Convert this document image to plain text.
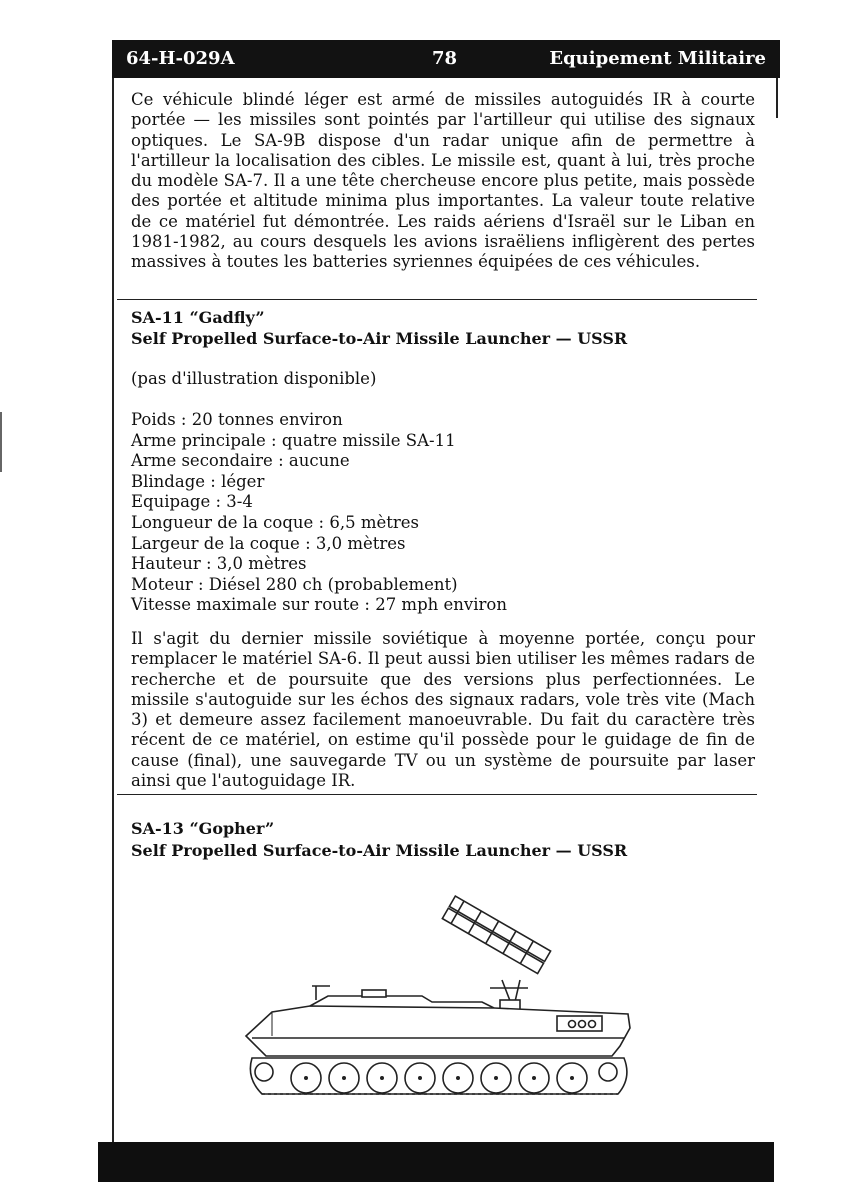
64-H-029A	78	Equipement Militaire

Ce véhicule blindé léger est armé de missiles autoguidés IR à courte portée — les missiles sont pointés par l'artilleur qui utilise des signaux optiques. Le SA-9B dispose d'un radar unique afin de permettre à l'artilleur la localisation des cibles. Le missile est, quant à lui, très proche du modèle SA-7. Il a une tête chercheuse encore plus petite, mais possède des portée et altitude minima plus importantes. La valeur toute relative de ce matériel fut démontrée. Les raids aériens d'Israël sur le Liban en 1981-1982, au cours desquels les avions israëliens infligèrent des pertes massives à toutes les batteries syriennes équipées de ces véhicules.

SA-11 “Gadfly”
Self Propelled Surface-to-Air Missile Launcher — USSR

(pas d'illustration disponible)

Poids : 20 tonnes environ
Arme principale : quatre missile SA-11
Arme secondaire : aucune
Blindage : léger
Equipage : 3-4
Longueur de la coque : 6,5 mètres
Largeur de la coque : 3,0 mètres
Hauteur : 3,0 mètres
Moteur : Diésel 280 ch (probablement)
Vitesse maximale sur route : 27 mph environ

Il s'agit du dernier missile soviétique à moyenne portée, conçu pour remplacer le matériel SA-6. Il peut aussi bien utiliser les mêmes radars de recherche et de poursuite que des versions plus perfectionnées. Le missile s'autoguide sur les échos des signaux radars, vole très vite (Mach 3) et demeure assez facilement manoeuvrable. Du fait du caractère très récent de ce matériel, on estime qu'il possède pour le guidage de fin de cause (final), une sauvegarde TV ou un système de poursuite par laser ainsi que l'autoguidage IR.

SA-13 “Gopher”
Self Propelled Surface-to-Air Missile Launcher — USSR
